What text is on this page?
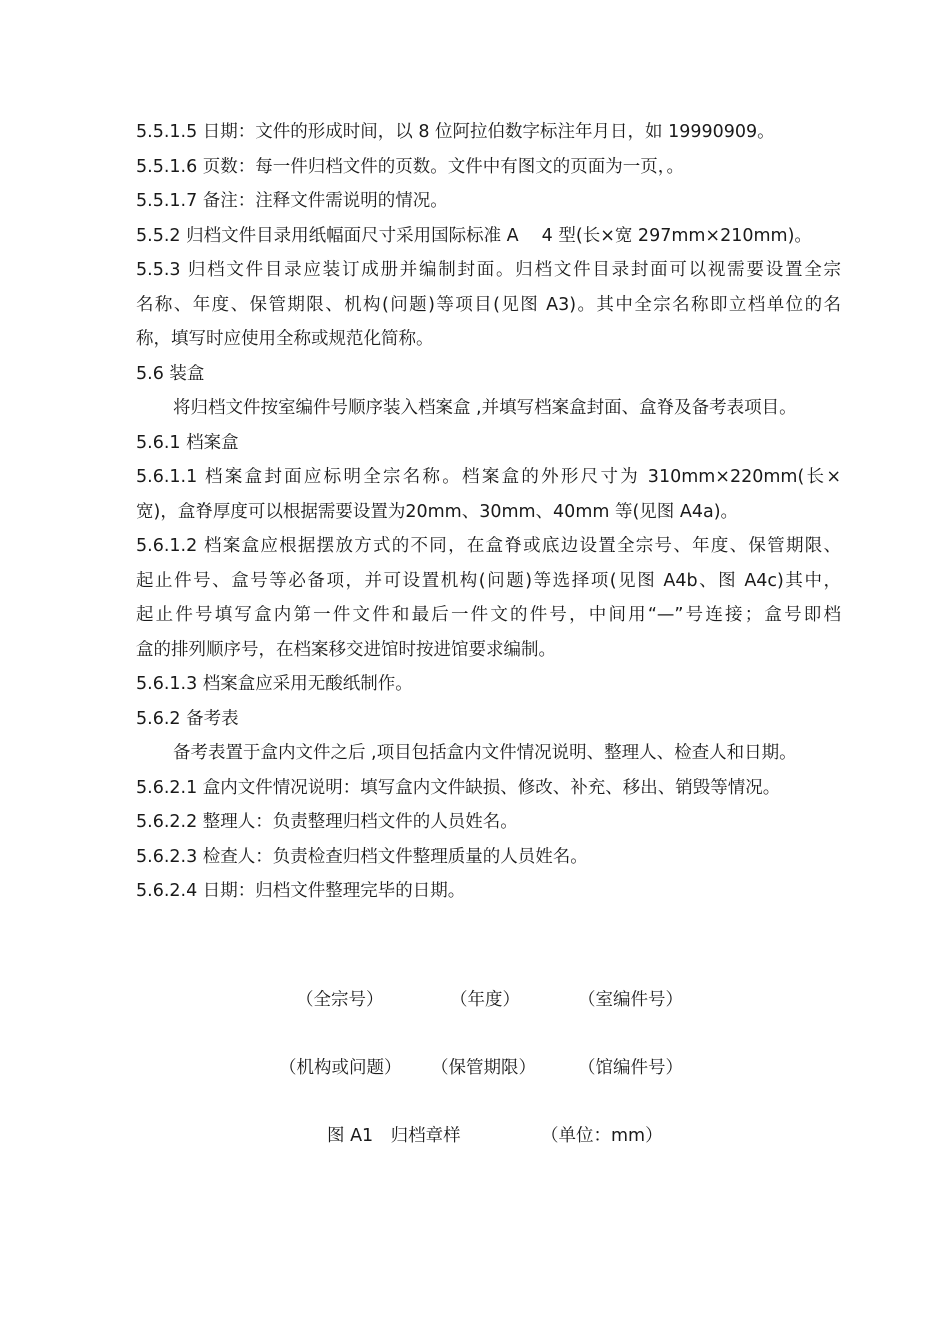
5.5.1.5 日期：文件的形成时间，以 8 位阿拉伯数字标注年月日，如 19990909。
5.5.1.6 页数：每一件归档文件的页数。文件中有图文的页面为一页，。
5.5.1.7 备注：注释文件需说明的情况。
5.5.2 归档文件目录用纸幅面尺寸采用国际标准 A　 4 型(长×宽 297mm×210mm)。
5.5.3 归档文件目录应装订成册并编制封面。归档文件目录封面可以视需要设置全宗
名称、年度、保管期限、机构(问题)等项目(见图 A3)。其中全宗名称即立档单位的名
称，填写时应使用全称或规范化简称。
5.6 装盒
将归档文件按室编件号顺序装入档案盒 ,并填写档案盒封面、盒脊及备考表项目。
5.6.1 档案盒
5.6.1.1 档案盒封面应标明全宗名称。档案盒的外形尺寸为 310mm×220mm(长×
宽)，盒脊厚度可以根据需要设置为20mm、30mm、40mm 等(见图 A4a)。
5.6.1.2 档案盒应根据摆放方式的不同，在盒脊或底边设置全宗号、年度、保管期限、
起止件号、盒号等必备项，并可设置机构(问题)等选择项(见图 A4b、图 A4c)其中，
起止件号填写盒内第一件文件和最后一件文的件号，中间用“—”号连接；盒号即档
盒的排列顺序号，在档案移交进馆时按进馆要求编制。
5.6.1.3 档案盒应采用无酸纸制作。
5.6.2 备考表
备考表置于盒内文件之后 ,项目包括盒内文件情况说明、整理人、检查人和日期。
5.6.2.1 盒内文件情况说明：填写盒内文件缺损、修改、补充、移出、销毁等情况。
5.6.2.2 整理人：负责整理归档文件的人员姓名。
5.6.2.3 检查人：负责检查归档文件整理质量的人员姓名。
5.6.2.4 日期：归档文件整理完毕的日期。
（全宗号）	（年度）	（室编件号）
（机构或问题） （保管期限） （馆编件号）
图 A1　归档章样	（单位：mm）
